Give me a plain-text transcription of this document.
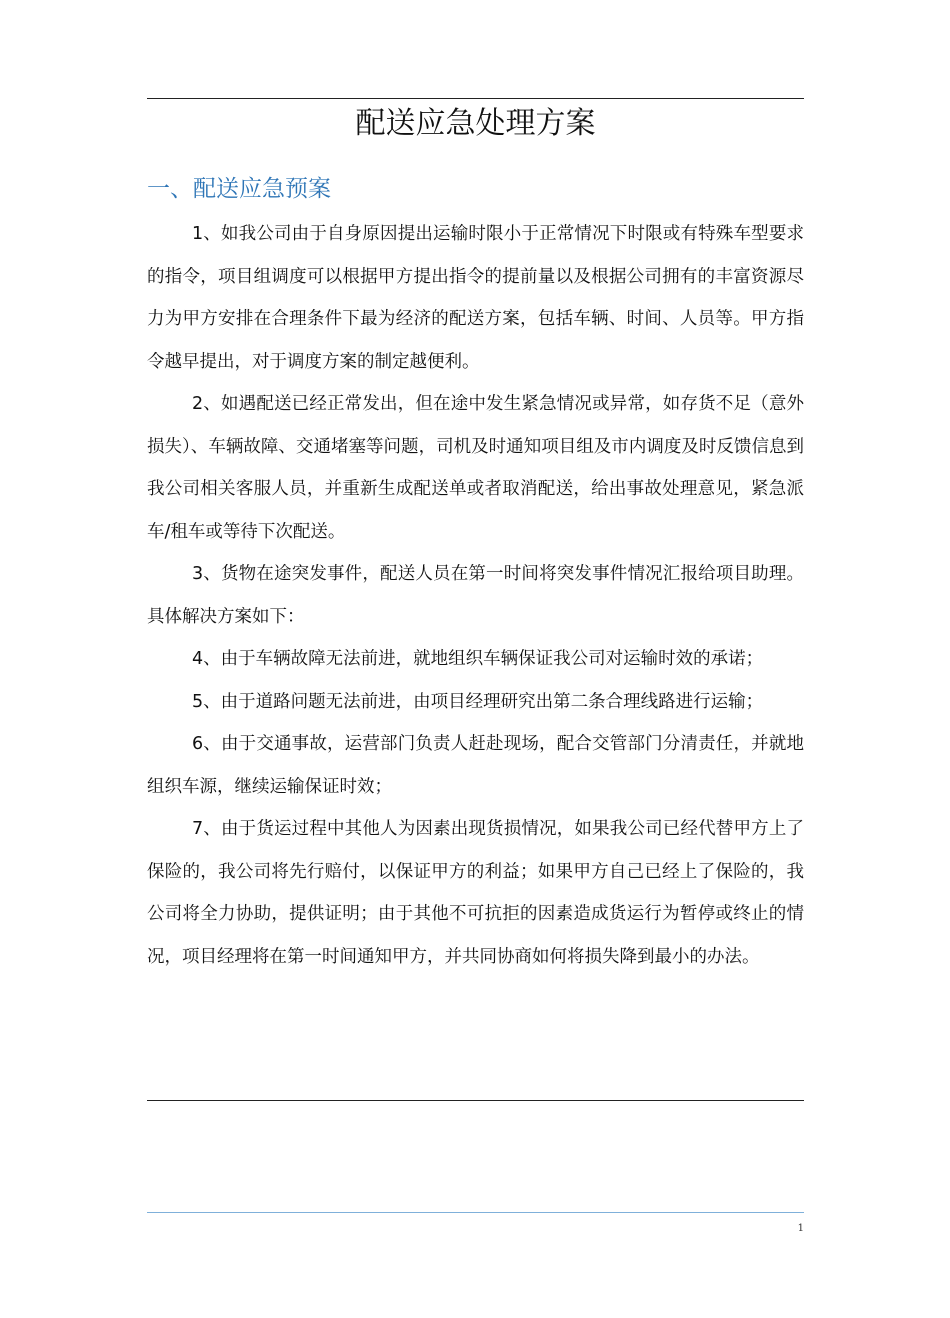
配送应急处理方案
一、配送应急预案

1、如我公司由于自身原因提出运输时限小于正常情况下时限或有特殊车型要求的指令，项目组调度可以根据甲方提出指令的提前量以及根据公司拥有的丰富资源尽力为甲方安排在合理条件下最为经济的配送方案，包括车辆、时间、人员等。甲方指令越早提出，对于调度方案的制定越便利。

2、如遇配送已经正常发出，但在途中发生紧急情况或异常，如存货不足（意外损失）、车辆故障、交通堵塞等问题，司机及时通知项目组及市内调度及时反馈信息到我公司相关客服人员，并重新生成配送单或者取消配送，给出事故处理意见，紧急派车/租车或等待下次配送。

3、货物在途突发事件，配送人员在第一时间将突发事件情况汇报给项目助理。具体解决方案如下：

4、由于车辆故障无法前进，就地组织车辆保证我公司对运输时效的承诺；

5、由于道路问题无法前进，由项目经理研究出第二条合理线路进行运输；

6、由于交通事故，运营部门负责人赶赴现场，配合交管部门分清责任，并就地组织车源，继续运输保证时效；

7、由于货运过程中其他人为因素出现货损情况，如果我公司已经代替甲方上了保险的，我公司将先行赔付，以保证甲方的利益；如果甲方自己已经上了保险的，我公司将全力协助，提供证明；由于其他不可抗拒的因素造成货运行为暂停或终止的情况，项目经理将在第一时间通知甲方，并共同协商如何将损失降到最小的办法。

1
